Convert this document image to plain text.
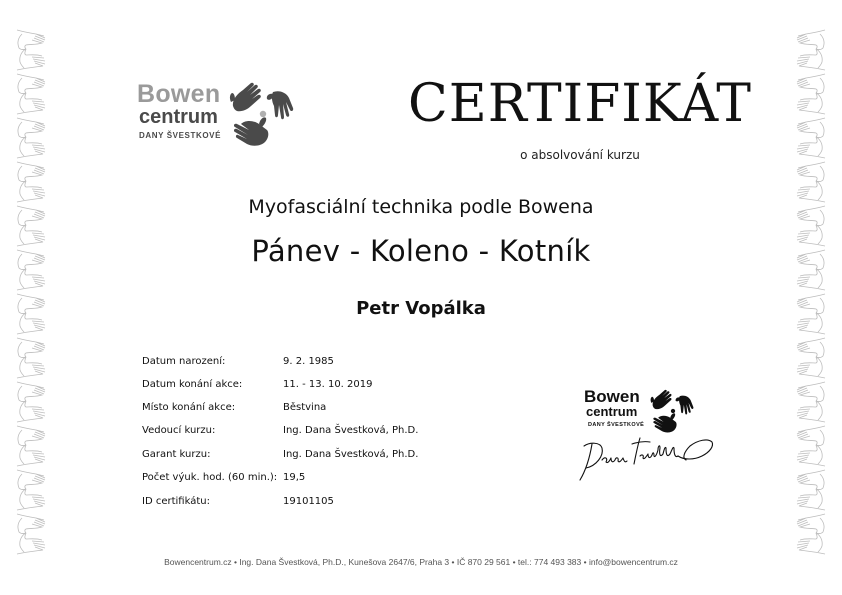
Bowen
centrum
DANY ŠVESTKOVÉ
CERTIFIKÁT
o absolvování kurzu
Myofasciální technika podle Bowena
Pánev - Koleno - Kotník
Petr Vopálka
Datum narození:	9. 2. 1985
Datum konání akce:	11. - 13. 10. 2019
Místo konání akce:	Běstvina
Vedoucí kurzu:	Ing. Dana Švestková, Ph.D.
Garant kurzu:	Ing. Dana Švestková, Ph.D.
Počet výuk. hod. (60 min.): 19,5
ID certifikátu:	19101105
Bowen
centrum
DANY ŠVESTKOVÉ
Bowencentrum.cz • Ing. Dana Švestková, Ph.D., Kunešova 2647/6, Praha 3 • IČ 870 29 561 • tel.: 774 493 383 • info@bowencentrum.cz
